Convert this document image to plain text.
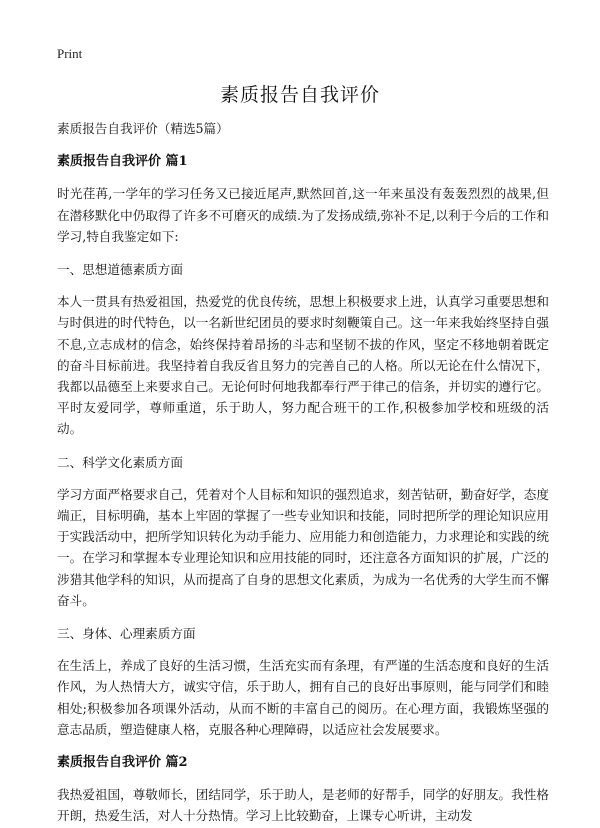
Print
素质报告自我评价

素质报告自我评价（精选5篇）

素质报告自我评价 篇1

时光荏苒,一学年的学习任务又已接近尾声,默然回首,这一年来虽没有轰轰烈烈的战果,但在潜移默化中仍取得了许多不可磨灭的成绩.为了发扬成绩,弥补不足,以利于今后的工作和学习,特自我鉴定如下:

一、思想道德素质方面

本人一贯具有热爱祖国，热爱党的优良传统，思想上积极要求上进，认真学习重要思想和与时俱进的时代特色，以一名新世纪团员的要求时刻鞭策自己。这一年来我始终坚持自强不息,立志成材的信念，始终保持着昂扬的斗志和坚韧不拔的作风，坚定不移地朝着既定的奋斗目标前进。我坚持着自我反省且努力的完善自己的人格。所以无论在什么情况下，我都以品德至上来要求自己。无论何时何地我都奉行严于律己的信条，并切实的遵行它。平时友爱同学，尊师重道，乐于助人，努力配合班干的工作,积极参加学校和班级的活动。

二、科学文化素质方面

学习方面严格要求自己，凭着对个人目标和知识的强烈追求，刻苦钻研，勤奋好学，态度端正，目标明确，基本上牢固的掌握了一些专业知识和技能，同时把所学的理论知识应用于实践活动中，把所学知识转化为动手能力、应用能力和创造能力，力求理论和实践的统一。在学习和掌握本专业理论知识和应用技能的同时，还注意各方面知识的扩展，广泛的涉猎其他学科的知识，从而提高了自身的思想文化素质，为成为一名优秀的大学生而不懈奋斗。

三、身体、心理素质方面

在生活上，养成了良好的生活习惯，生活充实而有条理，有严谨的生活态度和良好的生活作风，为人热情大方，诚实守信，乐于助人，拥有自己的良好出事原则，能与同学们和睦相处;积极参加各项课外活动，从而不断的丰富自己的阅历。在心理方面，我锻炼坚强的意志品质，塑造健康人格，克服各种心理障碍，以适应社会发展要求。

素质报告自我评价 篇2

我热爱祖国，尊敬师长，团结同学，乐于助人，是老师的好帮手，同学的好朋友。我性格开朗，热爱生活，对人十分热情。学习上比较勤奋，上课专心听讲，主动发
